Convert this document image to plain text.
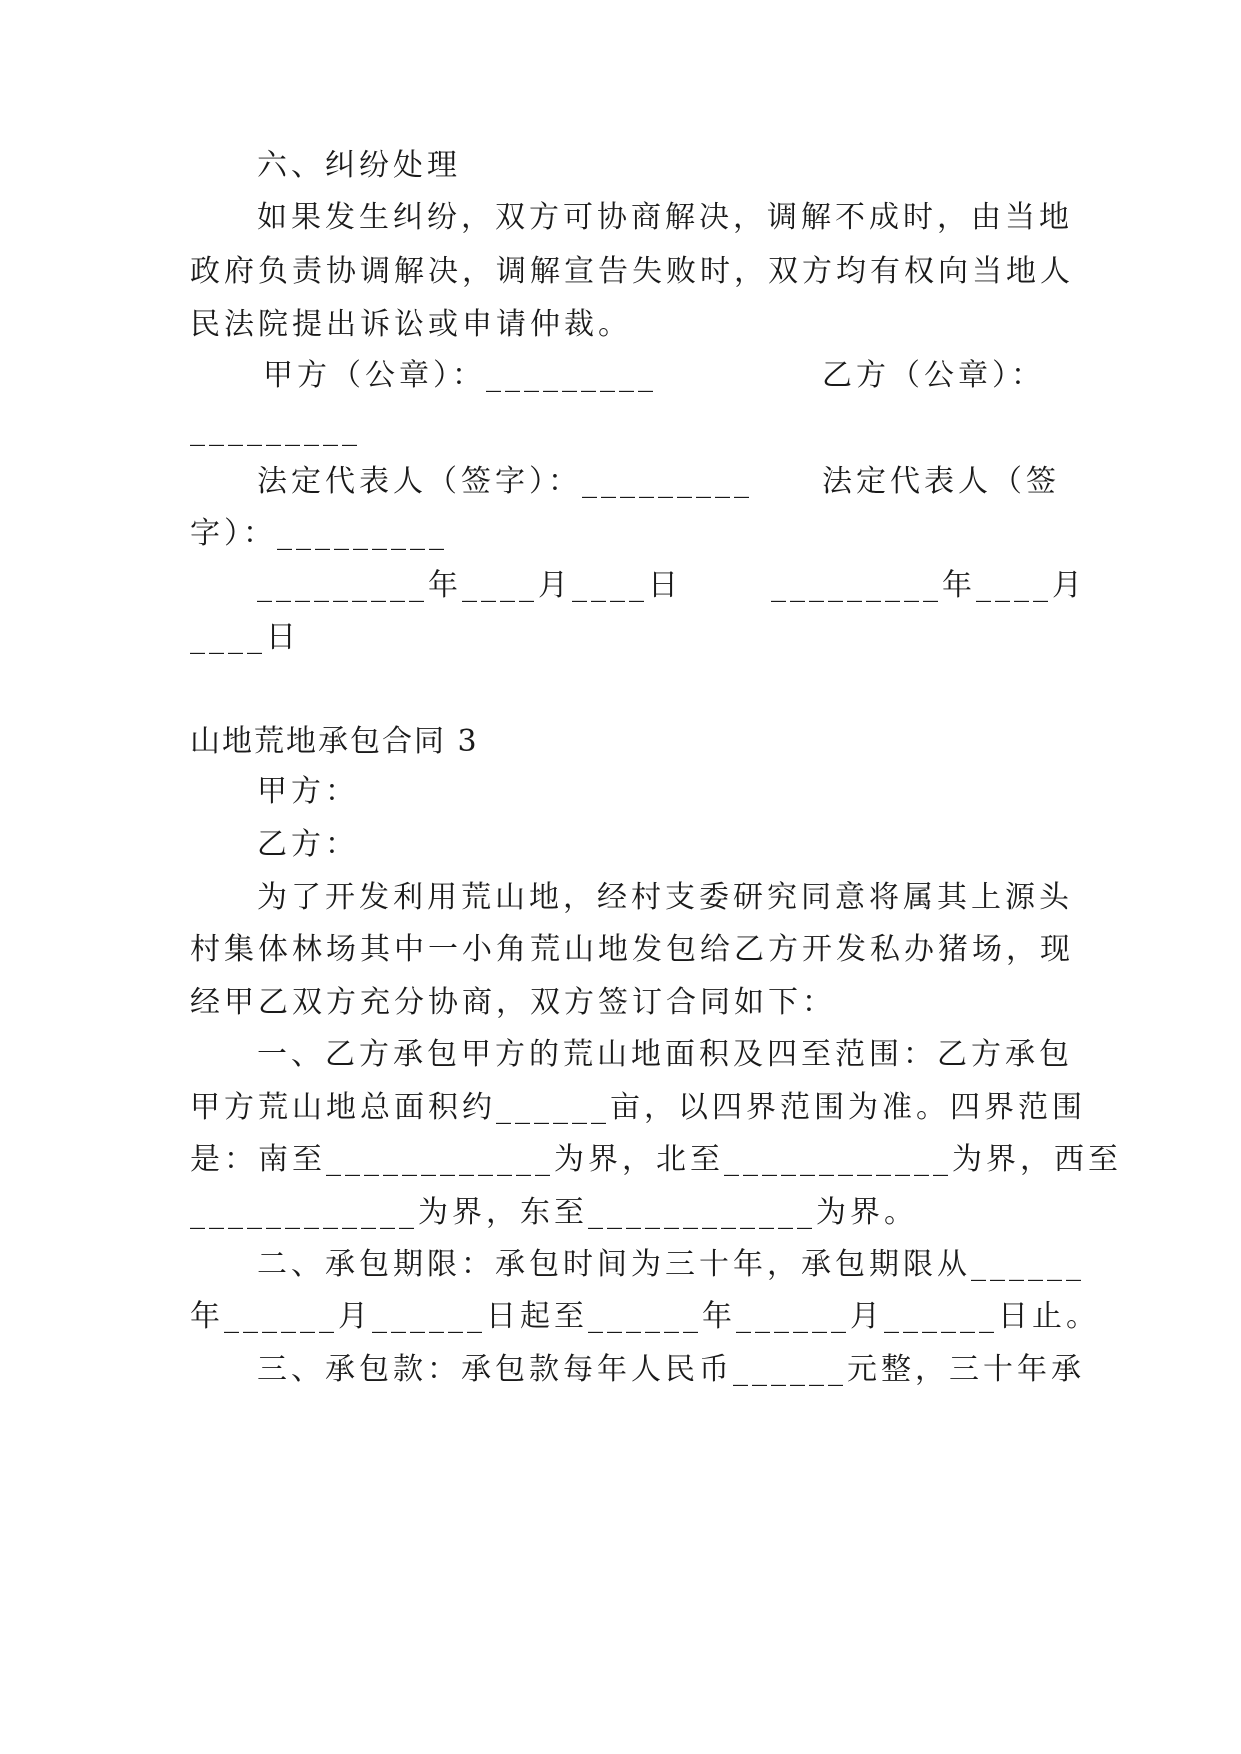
六、纠纷处理

如果发生纠纷，双方可协商解决，调解不成时，由当地

政府负责协调解决，调解宣告失败时，双方均有权向当地人

民法院提出诉讼或申请仲裁。

甲方（公章）：_________	乙方（公章）：

_________

法定代表人（签字）：_________ 法定代表人（签

字）：_________

_________年____月____日	_________年____月

____日

山地荒地承包合同 3

甲方：

乙方：

为了开发利用荒山地，经村支委研究同意将属其上源头

村集体林场其中一小角荒山地发包给乙方开发私办猪场，现

经甲乙双方充分协商，双方签订合同如下：

一、乙方承包甲方的荒山地面积及四至范围：乙方承包

甲方荒山地总面积约______亩，以四界范围为准。四界范围

是：南至____________为界，北至____________为界，西至

____________为界，东至____________为界。

二、承包期限：承包时间为三十年，承包期限从______

年______月______日起至______年______月______日止。

三、承包款：承包款每年人民币______元整，三十年承
